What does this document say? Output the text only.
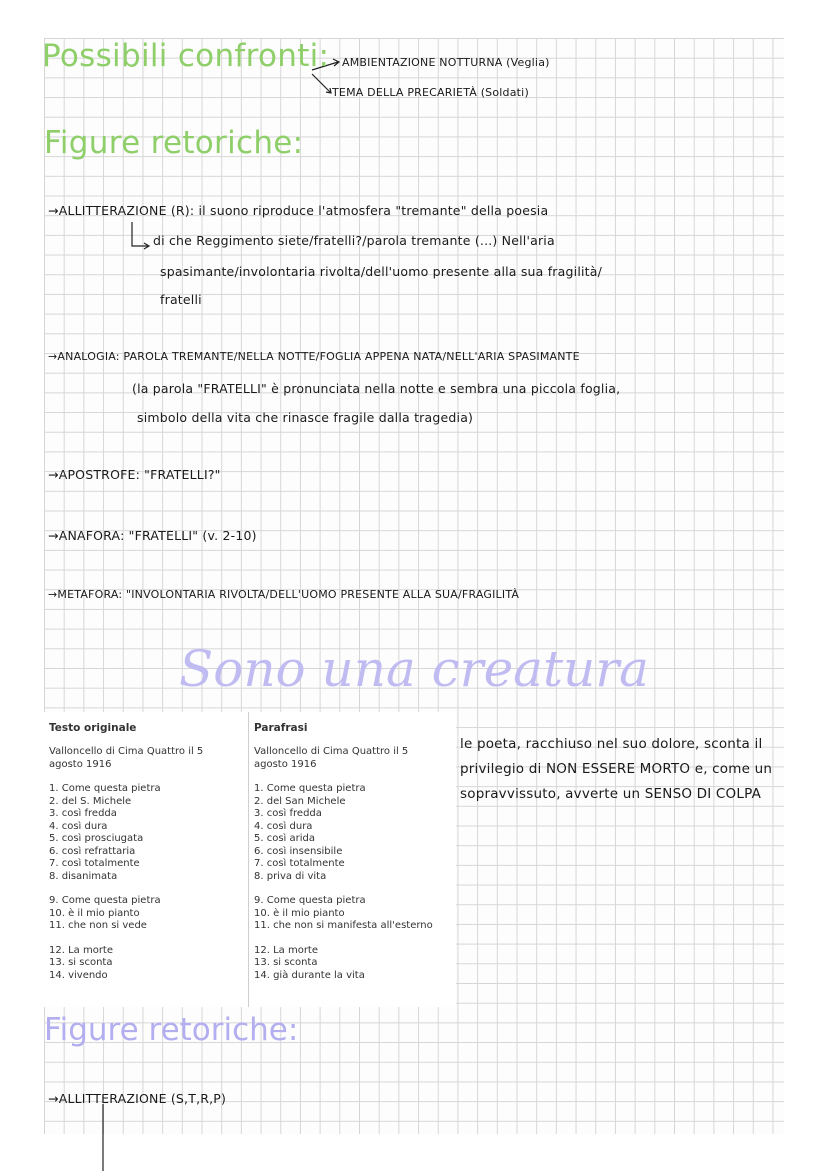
Possibili confronti: AMBIENTAZIONE NOTTURNA (Veglia)
TEMA DELLA PRECARIETÀ (Soldati)
Figure retoriche:
→ALLITTERAZIONE (R): il suono riproduce l'atmosfera "tremante" della poesia
di che Reggimento siete/fratelli?/parola tremante (...) Nell'aria
spasimante/involontaria rivolta/dell'uomo presente alla sua fragilità/
fratelli
→ANALOGIA: PAROLA TREMANTE/NELLA NOTTE/FOGLIA APPENA NATA/NELL'ARIA SPASIMANTE
(la parola "FRATELLI" è pronunciata nella notte e sembra una piccola foglia,
simbolo della vita che rinasce fragile dalla tragedia)
→APOSTROFE: "FRATELLI?"
→ANAFORA: "FRATELLI" (v. 2-10)
→METAFORA: "INVOLONTARIA RIVOLTA/DELL'UOMO PRESENTE ALLA SUA/FRAGILITÀ
Sono una creatura
Testo originale
Valloncello di Cima Quattro il 5
agosto 1916
1. Come questa pietra
2. del S. Michele
3. così fredda
4. così dura
5. così prosciugata
6. così refrattaria
7. così totalmente
8. disanimata
9. Come questa pietra
10. è il mio pianto
11. che non si vede
12. La morte
13. si sconta
14. vivendo
Parafrasi
Valloncello di Cima Quattro il 5
agosto 1916
1. Come questa pietra
2. del San Michele
3. così fredda
4. così dura
5. così arida
6. così insensibile
7. così totalmente
8. priva di vita
9. Come questa pietra
10. è il mio pianto
11. che non si manifesta all'esterno
12. La morte
13. si sconta
14. già durante la vita
le poeta, racchiuso nel suo dolore, sconta il privilegio di NON ESSERE MORTO e, come un sopravvissuto, avverte un SENSO DI COLPA
Figure retoriche:
→ALLITTERAZIONE (S,T,R,P)
